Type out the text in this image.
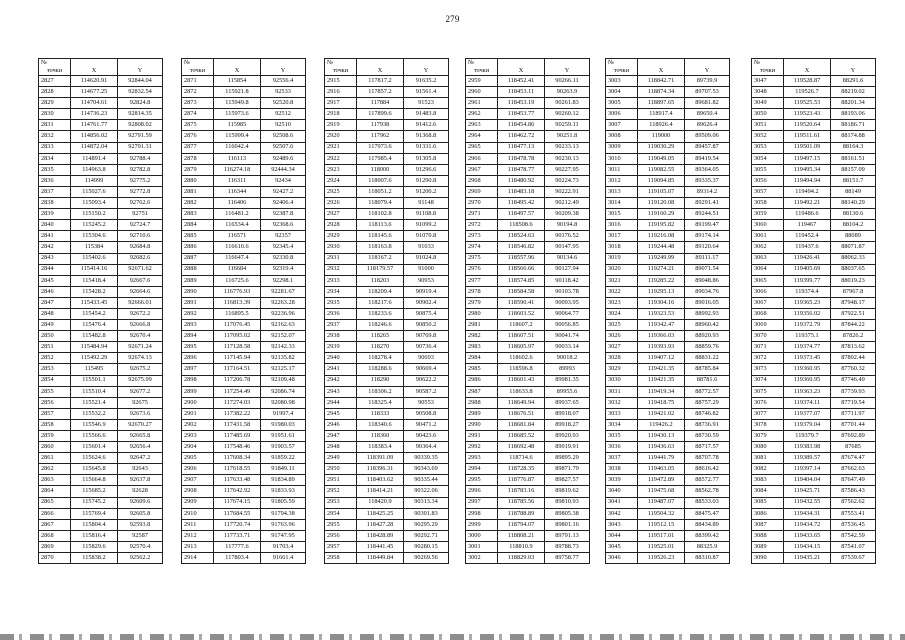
279
№		
точки	X	Y
2827	114620.91	92844.04
2828	114677.25	92832.54
2829	114704.61	92824.8
2830	114736.23	92814.35
2831	114761.77	92808.02
2832	114856.02	92791.59
2833	114872.04	92791.31
2834	114891.4	92788.4
2835	114963.8	92782.8
2836	114999	92775.2
2837	115027.6	92772.8
2838	115093.4	92762.6
2839	115150.2	92751
2840	115245.2	92724.7
2841	115304.6	92710.6
2842	115384	92684.8
2843	115402.6	92682.6
2844	115414.16	92671.62
2845	115418.4	92667.6
2846	115428.2	92664.6
2847	115433.45	92666.01
2848	115454.2	92672.2
2849	115476.4	92666.8
2850	115482.8	92670.4
2851	115484.94	92671.24
2852	115492.29	92674.13
2853	115495	92675.2
2854	115501.1	92675.99
2855	115510.4	92677.2
2856	115521.4	92675
2857	115532.2	92673.6
2858	115546.9	92670.27
2859	115566.6	92665.8
2860	115601.4	92656.4
2861	115624.6	92647.2
2862	115645.8	92643
2863	115664.8	92637.8
2864	115685.2	92628
2865	115745.2	92609.6
2866	115769.4	92605.8
2867	115804.4	92593.8
2868	115816.4	92587
2869	115829.6	92570.4
2870	115838.2	92562.2
№		
точки	X	Y
2871	115854	92556.4
2872	115921.8	92533
2873	115949.8	92520.8
2874	115973.6	92512
2875	115985	92510
2876	115999.4	92508.6
2877	116042.4	92507.6
2878	116113	92489.6
2879	116274.18	92444.34
2880	116311	92434
2881	116344	92427.2
2882	116406	92406.4
2883	116481.2	92387.8
2884	116534.4	92368.6
2885	116571	92357
2886	116610.6	92345.4
2887	116647.4	92330.8
2888	116684	92319.4
2889	116725.6	92298.1
2890	116776.93	92281.67
2891	116813.39	92263.28
2892	116895.5	92236.96
2893	117076.45	92162.63
2894	117095.02	92152.07
2895	117128.58	92142.33
2896	117145.94	92135.82
2897	117164.51	92125.17
2898	117206.78	92109.48
2899	117254.49	92086.74
2900	117274.03	92080.98
2901	117382.22	91997.4
2902	117431.58	91980.03
2903	117485.69	91951.61
2904	117548.46	91903.57
2905	117608.34	91859.22
2906	117618.55	91849.11
2907	117633.48	91834.89
2908	117642.92	91833.93
2909	117674.15	91805.59
2910	117684.55	91794.38
2911	117720.74	91763.96
2912	117733.71	91747.95
2913	117777.6	91703.4
2914	117803.4	91661.4
№		
точки	X	Y
2915	117817.2	91635.2
2916	117857.2	91561.4
2917	117884	91523
2918	117899.6	91483.8
2919	117938	91412.6
2920	117962	91368.8
2921	117973.6	91331.6
2922	117985.4	91305.8
2923	118000	91296.6
2924	118007.6	91290.8
2925	118051.2	91200.2
2926	118079.4	91148
2927	118102.8	91108.8
2928	118113.6	91099.2
2929	118145.6	91070.8
2930	118163.8	91033
2931	118167.2	91024.8
2932	118179.57	91000
2933	118203	90953
2934	118209.4	90919.4
2935	118217.6	90902.4
2936	118233.6	90875.4
2937	118246.6	90850.2
2938	118265	90769.8
2939	118270	90736.4
2940	118278.4	90693
2941	118288.6	90669.4
2942	118290	90622.2
2943	118306.2	90587.2
2944	118325.4	90553
2945	118333	90508.8
2946	118340.6	90471.2
2947	118360	90423.6
2948	118383.4	90364.4
2949	118391.09	90339.35
2950	118396.31	90343.69
2951	118403.62	90335.44
2952	118414.21	90322.06
2953	118420.9	90313.34
2954	118425.25	90301.83
2955	118427.28	90295.29
2956	118428.89	90292.71
2957	118441.45	90280.15
2958	118449.84	90269.56
№		
точки	X	Y
2959	118452.41	90266.11
2960	118453.11	90263.9
2961	118453.19	90261.83
2962	118453.77	90260.12
2963	118454.86	90259.11
2964	118462.72	90251.8
2965	118477.13	90233.13
2966	118478.78	90230.13
2967	118478.77	90227.95
2968	118480.92	90224.73
2969	118483.18	90222.91
2970	118495.42	90212.49
2971	118497.57	90209.38
2972	118508.6	90194.8
2973	118524.63	90176.52
2974	118546.82	90147.95
2975	118557.96	90134.6
2976	118566.66	90127.94
2977	118574.85	90118.42
2978	118584.58	90103.78
2979	118590.41	90093.95
2980	118603.52	90064.77
2981	118607.2	90056.85
2982	118607.51	90041.74
2983	118605.97	90033.14
2984	118602.6	90018.2
2985	118596.8	89993
2986	118601.43	89981.35
2987	118633.8	89955.6
2988	118649.94	89937.65
2989	118676.51	89918.07
2990	118681.84	89918.27
2991	118685.52	89920.93
2992	118692.48	89919.91
2993	118714.6	89895.29
2994	118728.35	89871.79
2995	118776.87	89827.57
2996	118783.16	89819.62
2997	118785.56	89810.93
2998	118788.89	89805.38
2999	118794.07	89801.16
3000	118808.21	89791.13
3001	118810.9	89788.73
3002	118829.03	89758.77
№		
точки	X	Y
3003	118842.71	89739.9
3004	118874.34	89707.53
3005	118897.65	89681.82
3006	118917.4	89650.4
3007	118926.4	89626.4
3008	119000	89509.06
3009	119030.29	89457.87
3010	119049.05	89419.54
3011	119082.55	89364.05
3012	119094.85	89335.37
3013	119105.07	89314.2
3014	119120.08	89291.41
3015	119160.29	89244.51
3016	119195.82	89199.47
3017	119216.08	89174.14
3018	119244.48	89120.64
3019	119249.99	89111.17
3020	119274.21	89071.54
3021	119285.22	89048.86
3022	119295.13	89034.76
3023	119304.16	89016.05
3024	119323.53	88992.93
3025	119342.47	88960.42
3026	119366.03	88920.93
3027	119393.93	88859.76
3028	119407.12	88831.22
3029	119421.35	88785.84
3030	119421.35	88781.6
3031	119419.34	88772.57
3032	119418.75	88757.29
3033	119421.02	88746.82
3034	119426.2	88736.91
3035	119430.13	88730.59
3036	119436.63	88717.57
3037	119441.79	88707.78
3038	119463.05	88616.42
3039	119472.89	88572.77
3040	119475.68	88562.78
3041	119487.07	88533.03
3042	119504.32	88475.47
3043	119512.15	88434.89
3044	119517.01	88399.42
3045	119525.01	88325.9
3046	119526.23	88310.87
№		
точки	X	Y
3047	119528.87	88291.6
3048	119526.7	88219.02
3049	119525.53	88201.34
3050	119523.43	88193.06
3051	119520.64	88186.71
3052	119511.61	88174.88
3053	119501.09	88164.3
3054	119497.15	88161.51
3055	119495.34	88157.09
3056	119494.94	88151.7
3057	119494.2	88149
3058	119492.21	88140.29
3059	119486.6	88130.6
3060	119467	88104.2
3061	119452.4	88089
3062	119437.6	88071.87
3063	119426.41	88062.33
3064	119405.69	88037.65
3065	119399.77	88019.23
3066	119374.4	87967.8
3067	119365.23	87948.17
3068	119356.02	87922.51
3069	119372.79	87844.22
3070	119375.1	87826.2
3071	119374.77	87813.62
3072	119373.45	87802.44
3073	119360.95	87760.32
3074	119360.95	87746.49
3075	119363.23	87739.93
3076	119374.11	87719.54
3077	119377.07	87711.97
3078	119379.04	87701.44
3079	119379.7	87692.89
3080	119383.98	87685
3081	119389.57	87674.47
3082	119397.14	87662.63
3083	119404.04	87647.49
3084	119425.71	87586.43
3085	119432.55	87562.62
3086	119434.31	87553.41
3087	119434.72	87536.45
3088	119433.65	87542.59
3089	119434.15	87541.07
3090	119435.21	87539.67
